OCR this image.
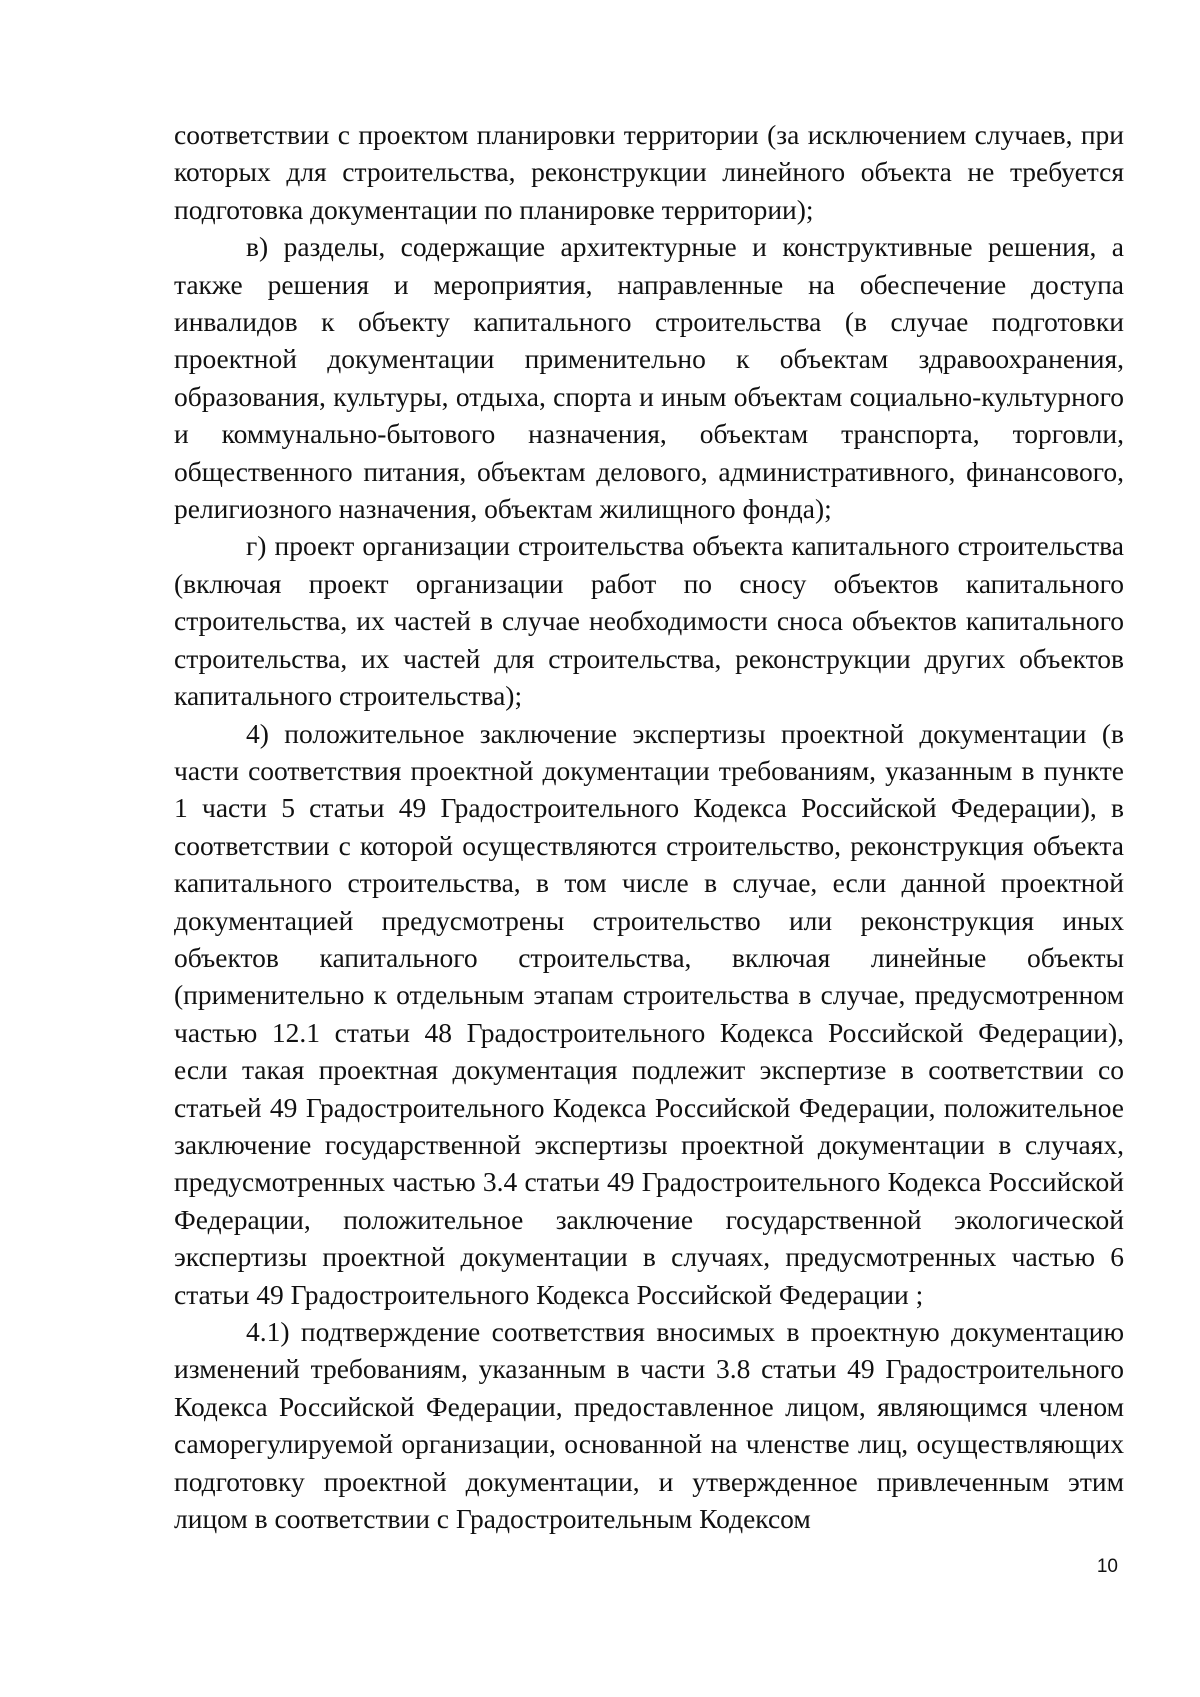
соответствии с проектом планировки территории (за исключением случаев, при которых для строительства, реконструкции линейного объекта не требуется подготовка документации по планировке территории);

в) разделы, содержащие архитектурные и конструктивные решения, а также решения и мероприятия, направленные на обеспечение доступа инвалидов к объекту капитального строительства (в случае подготовки проектной документации применительно к объектам здравоохранения, образования, культуры, отдыха, спорта и иным объектам социально-культурного и коммунально-бытового назначения, объектам транспорта, торговли, общественного питания, объектам делового, административного, финансового, религиозного назначения, объектам жилищного фонда);

г) проект организации строительства объекта капитального строительства (включая проект организации работ по сносу объектов капитального строительства, их частей в случае необходимости сноса объектов капитального строительства, их частей для строительства, реконструкции других объектов капитального строительства);

4) положительное заключение экспертизы проектной документации (в части соответствия проектной документации требованиям, указанным в пункте 1 части 5 статьи 49 Градостроительного Кодекса Российской Федерации), в соответствии с которой осуществляются строительство, реконструкция объекта капитального строительства, в том числе в случае, если данной проектной документацией предусмотрены строительство или реконструкция иных объектов капитального строительства, включая линейные объекты (применительно к отдельным этапам строительства в случае, предусмотренном частью 12.1 статьи 48 Градостроительного Кодекса Российской Федерации), если такая проектная документация подлежит экспертизе в соответствии со статьей 49 Градостроительного Кодекса Российской Федерации, положительное заключение государственной экспертизы проектной документации в случаях, предусмотренных частью 3.4 статьи 49 Градостроительного Кодекса Российской Федерации, положительное заключение государственной экологической экспертизы проектной документации в случаях, предусмотренных частью 6 статьи 49 Градостроительного Кодекса Российской Федерации ;

4.1) подтверждение соответствия вносимых в проектную документацию изменений требованиям, указанным в части 3.8 статьи 49 Градостроительного Кодекса Российской Федерации, предоставленное лицом, являющимся членом саморегулируемой организации, основанной на членстве лиц, осуществляющих подготовку проектной документации, и утвержденное привлеченным этим лицом в соответствии с Градостроительным Кодексом

10
